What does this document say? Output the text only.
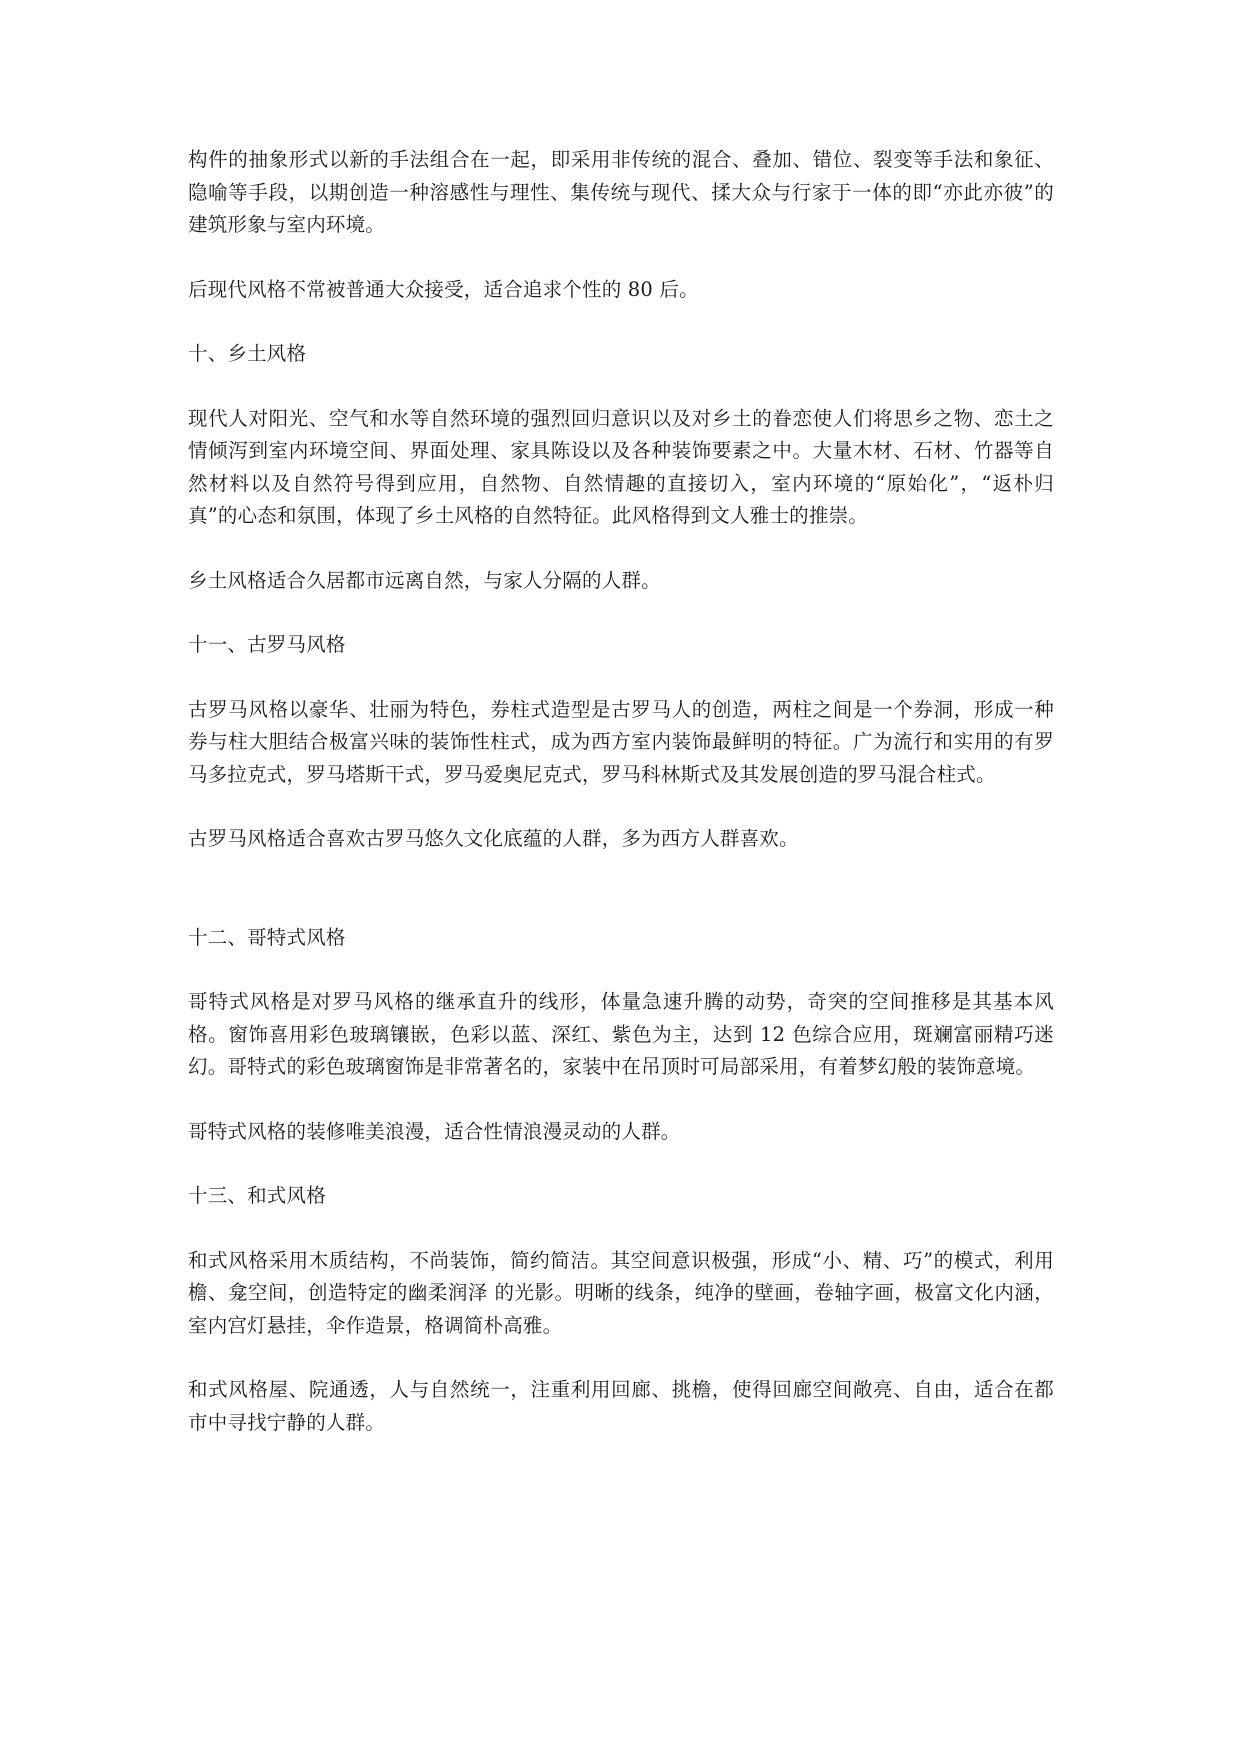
构件的抽象形式以新的手法组合在一起，即采用非传统的混合、叠加、错位、裂变等手法和象征、隐喻等手段，以期创造一种溶感性与理性、集传统与现代、揉大众与行家于一体的即“亦此亦彼”的建筑形象与室内环境。

后现代风格不常被普通大众接受，适合追求个性的 80 后。

十、乡土风格

现代人对阳光、空气和水等自然环境的强烈回归意识以及对乡土的眷恋使人们将思乡之物、恋土之情倾泻到室内环境空间、界面处理、家具陈设以及各种装饰要素之中。大量木材、石材、竹器等自然材料以及自然符号得到应用，自然物、自然情趣的直接切入，室内环境的“原始化”，“返朴归真”的心态和氛围，体现了乡土风格的自然特征。此风格得到文人雅士的推崇。

乡土风格适合久居都市远离自然，与家人分隔的人群。

十一、古罗马风格

古罗马风格以豪华、壮丽为特色，券柱式造型是古罗马人的创造，两柱之间是一个券洞，形成一种券与柱大胆结合极富兴味的装饰性柱式，成为西方室内装饰最鲜明的特征。广为流行和实用的有罗马多拉克式，罗马塔斯干式，罗马爱奥尼克式，罗马科林斯式及其发展创造的罗马混合柱式。

古罗马风格适合喜欢古罗马悠久文化底蕴的人群，多为西方人群喜欢。

十二、哥特式风格

哥特式风格是对罗马风格的继承直升的线形，体量急速升腾的动势，奇突的空间推移是其基本风格。窗饰喜用彩色玻璃镶嵌，色彩以蓝、深红、紫色为主，达到 12 色综合应用，斑斓富丽精巧迷幻。哥特式的彩色玻璃窗饰是非常著名的，家装中在吊顶时可局部采用，有着梦幻般的装饰意境。

哥特式风格的装修唯美浪漫，适合性情浪漫灵动的人群。

十三、和式风格

和式风格采用木质结构，不尚装饰，简约简洁。其空间意识极强，形成“小、精、巧”的模式，利用檐、龛空间，创造特定的幽柔润泽 的光影。明晰的线条，纯净的壁画，卷轴字画，极富文化内涵，室内宫灯悬挂，伞作造景，格调简朴高雅。

和式风格屋、院通透，人与自然统一，注重利用回廊、挑檐，使得回廊空间敞亮、自由，适合在都市中寻找宁静的人群。
